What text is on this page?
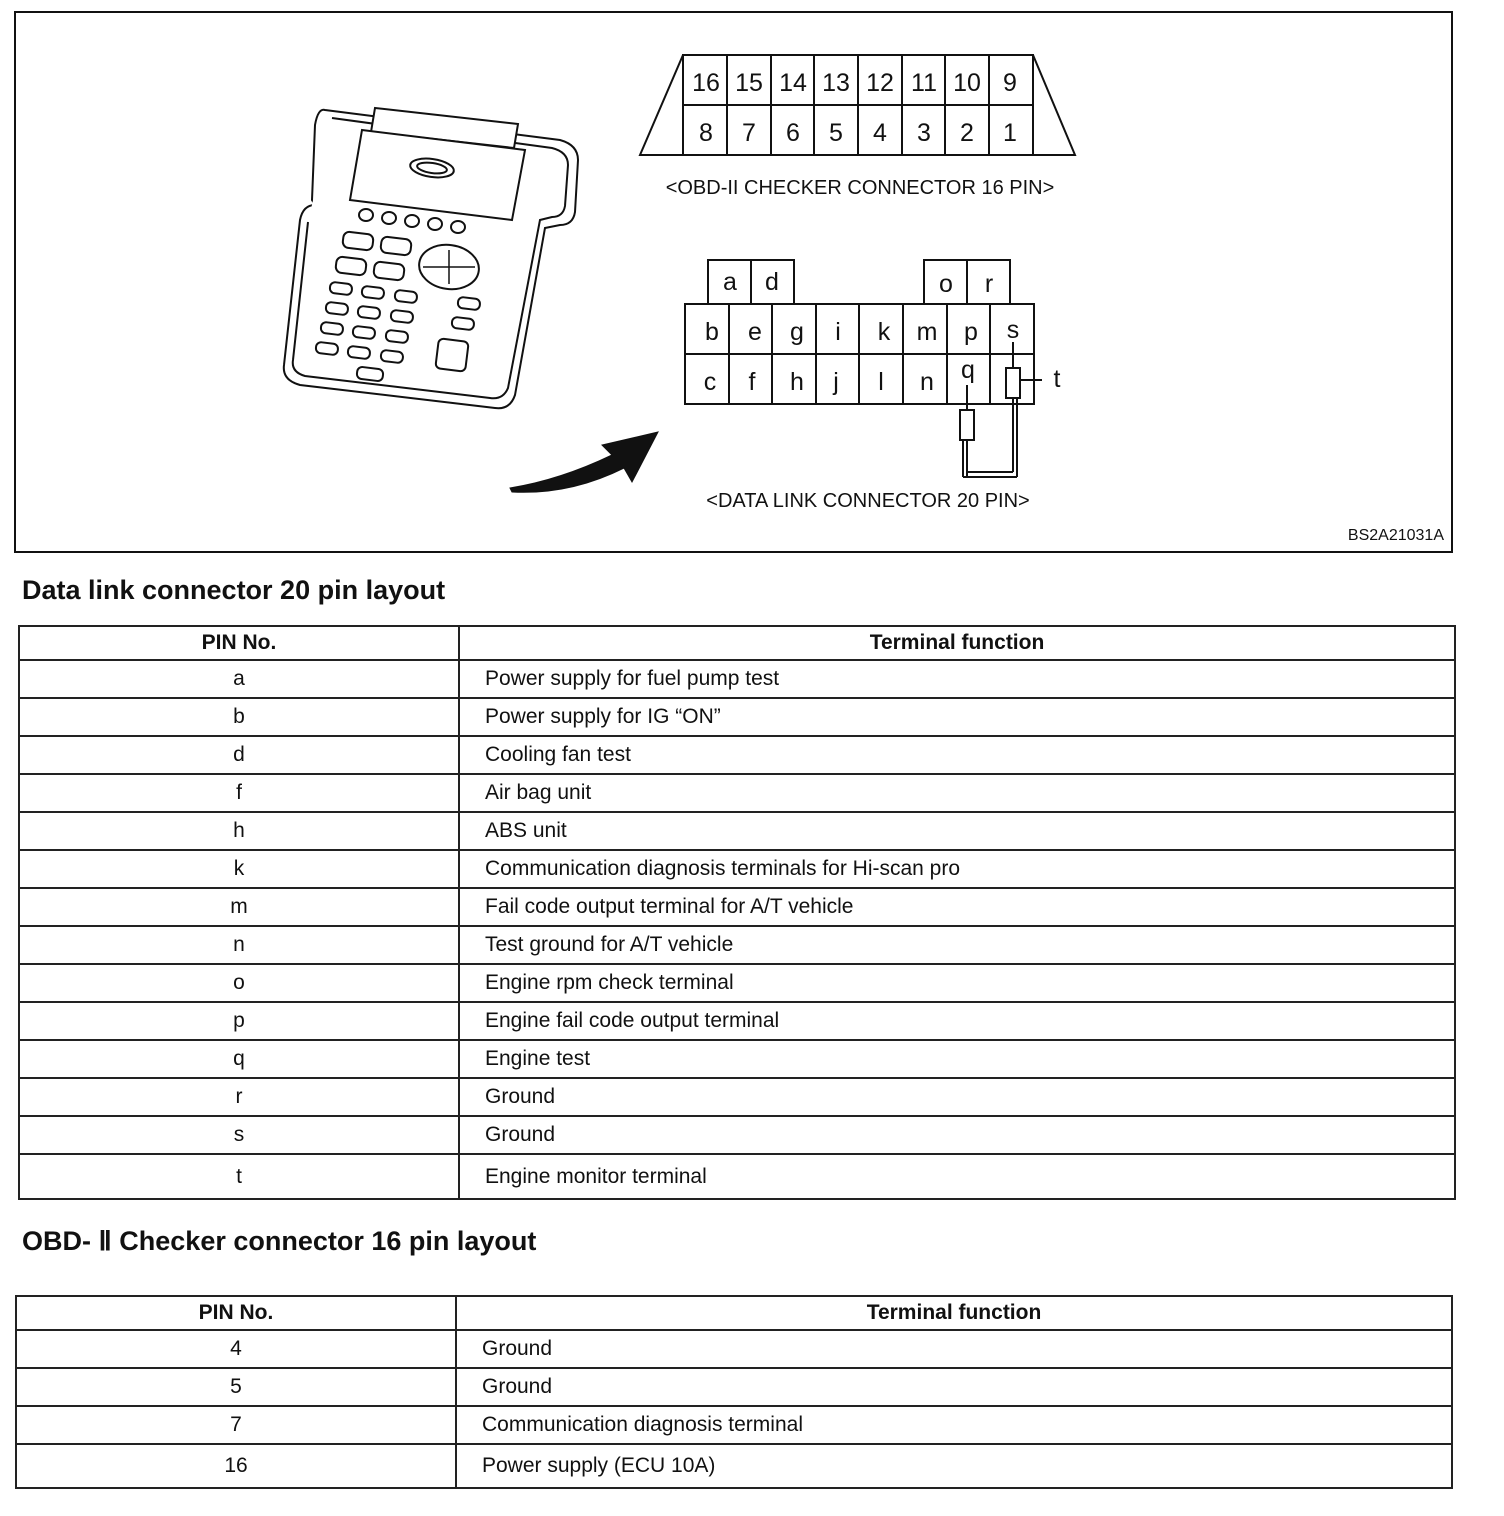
16 15 14 13 12 11 10 9
8 7 6 5 4 3 2 1
<OBD-II CHECKER CONNECTOR 16 PIN>
a d	o r
b e g i k m p s
c f h j l n q	t
<DATA LINK CONNECTOR 20 PIN>
BS2A21031A
Data link connector 20 pin layout
PIN No.	Terminal function
a	Power supply for fuel pump test
b	Power supply for IG “ON”
d	Cooling fan test
f	Air bag unit
h	ABS unit
k	Communication diagnosis terminals for Hi-scan pro
m	Fail code output terminal for A/T vehicle
n	Test ground for A/T vehicle
o	Engine rpm check terminal
p	Engine fail code output terminal
q	Engine test
r	Ground
s	Ground
t	Engine monitor terminal
OBD- Ⅱ Checker connector 16 pin layout
PIN No.	Terminal function
4	Ground
5	Ground
7	Communication diagnosis terminal
16	Power supply (ECU 10A)
